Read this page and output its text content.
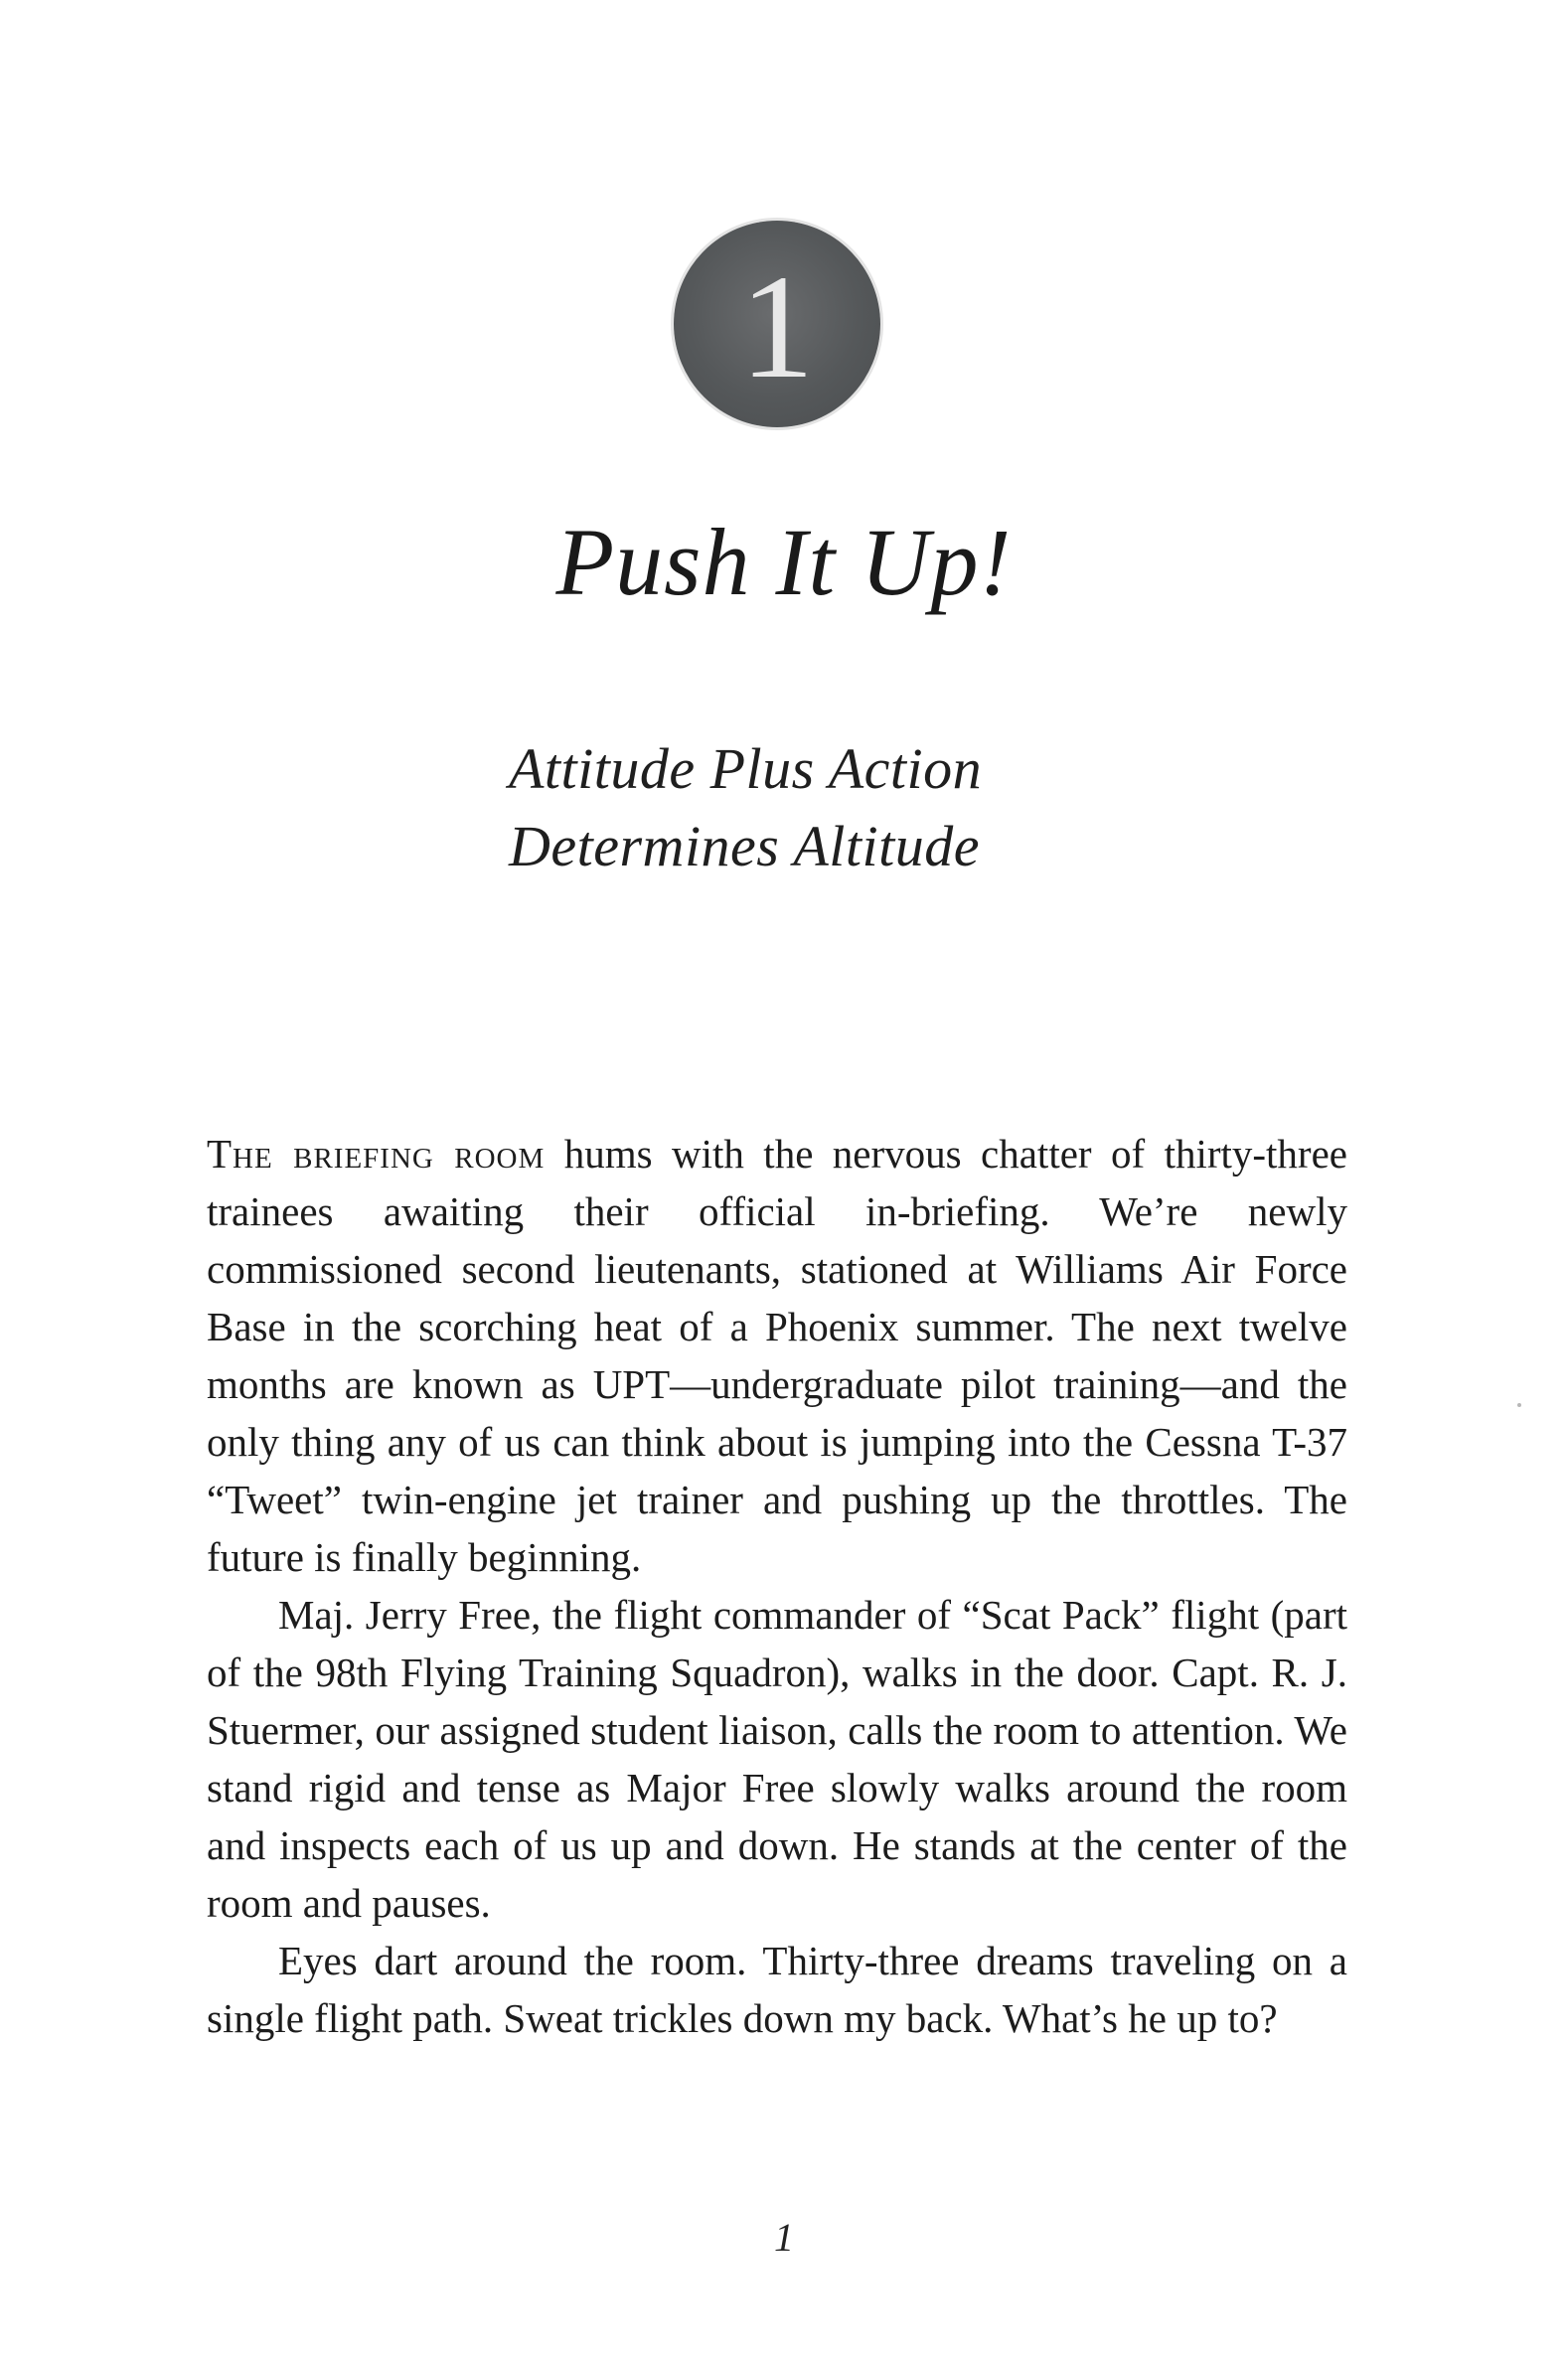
1
Push It Up!
Attitude Plus Action
Determines Altitude

The briefing room hums with the nervous chatter of thirty-three trainees awaiting their official in-briefing. We’re newly commissioned second lieutenants, stationed at Williams Air Force Base in the scorching heat of a Phoenix summer. The next twelve months are known as UPT—undergraduate pilot training—and the only thing any of us can think about is jumping into the Cessna T-37 “Tweet” twin-engine jet trainer and pushing up the throttles. The future is finally beginning.

Maj. Jerry Free, the flight commander of “Scat Pack” flight (part of the 98th Flying Training Squadron), walks in the door. Capt. R. J. Stuermer, our assigned student liaison, calls the room to attention. We stand rigid and tense as Major Free slowly walks around the room and inspects each of us up and down. He stands at the center of the room and pauses.

Eyes dart around the room. Thirty-three dreams traveling on a single flight path. Sweat trickles down my back. What’s he up to?

1
